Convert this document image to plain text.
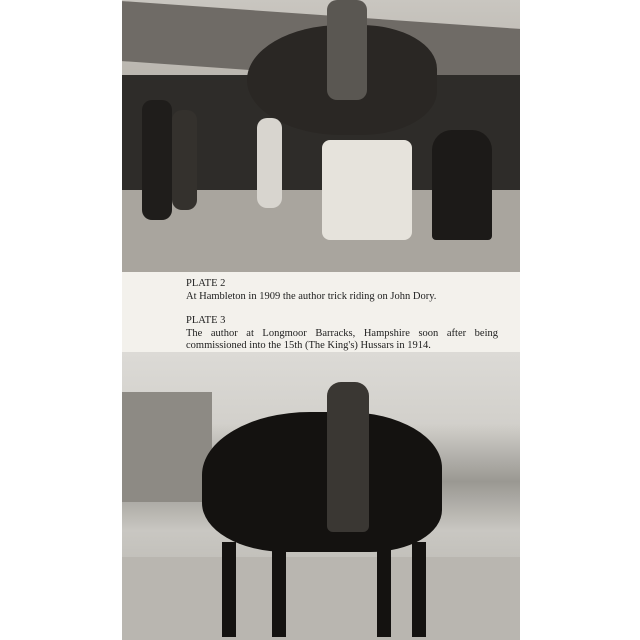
PLATE 2
At Hambleton in 1909 the author trick riding on John Dory.
PLATE 3
The author at Longmoor Barracks, Hampshire soon after being commissioned into the 15th (The King's) Hussars in 1914.
